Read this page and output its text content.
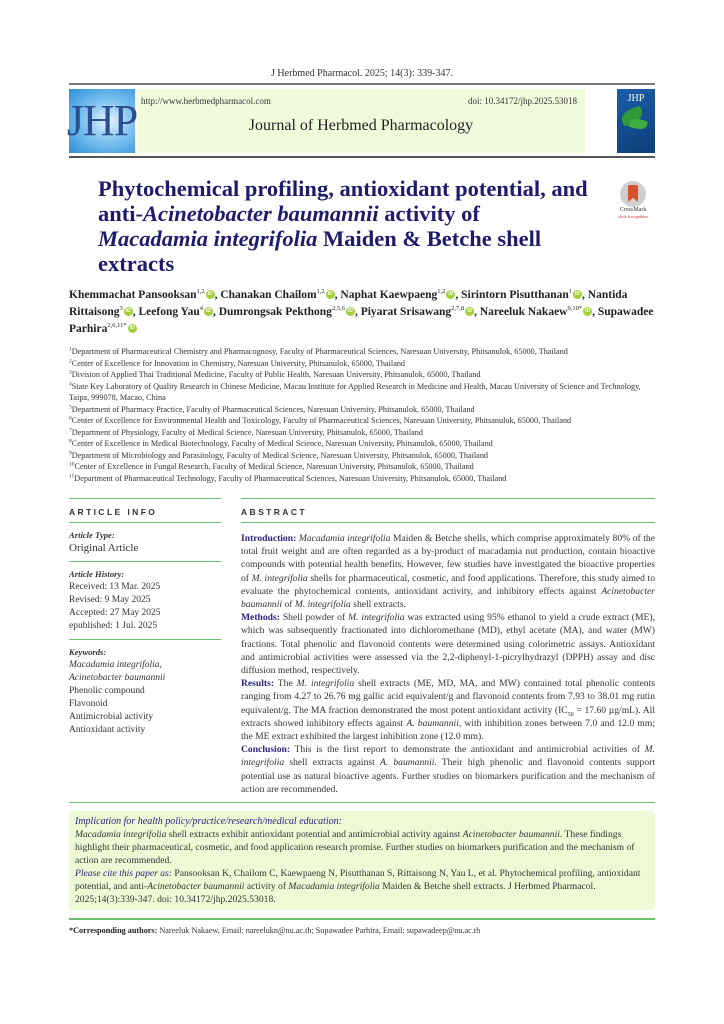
J Herbmed Pharmacol. 2025; 14(3): 339-347.
JHP http://www.herbmedpharmacol.com	doi: 10.34172/jhp.2025.53018
Journal of Herbmed Pharmacology
JHP
Phytochemical profiling, antioxidant potential, and anti-Acinetobacter baumannii activity of Macadamia integrifolia Maiden & Betche shell extracts
CrossMark
click for updates
Khemmachat Pansooksan$^{1,2}$ iD , Chanakan Chailom$^{1,2}$ iD , Naphat Kaewpaeng$^{1,2}$ iD , Sirintorn Pisutthanan$^1$ iD , Nantida Rittaisong$^3$ iD , Leefong Yau$^4$ iD , Dumrongsak Pekthong$^{2,5,6}$ iD , Piyarat Srisawang$^{2,7,8}$ iD , Nareeluk Nakaew$^{9,10*}$ iD , Supawadee Parhira$^{2,6,11*}$ iD
$^1$Department of Pharmaceutical Chemistry and Pharmacognosy, Faculty of Pharmaceutical Sciences, Naresuan University, Phitsanulok, 65000, Thailand
$^2$Center of Excellence for Innovation in Chemistry, Naresuan University, Phitsanulok, 65000, Thailand
$^3$Division of Applied Thai Traditional Medicine, Faculty of Public Health, Naresuan University, Phitsanulok, 65000, Thailand
$^4$State Key Laboratory of Quality Research in Chinese Medicine, Macau Institute for Applied Research in Medicine and Health, Macau University of Science and Technology, Taipa, 999078, Macao, China
$^5$Department of Pharmacy Practice, Faculty of Pharmaceutical Sciences, Naresuan University, Phitsanulok, 65000, Thailand
$^6$Center of Excellence for Environmental Health and Toxicology, Faculty of Pharmaceutical Sciences, Naresuan University, Phitsanulok, 65000, Thailand
$^7$Department of Physiology, Faculty of Medical Science, Naresuan University, Phitsanulok, 65000, Thailand
$^8$Center of Excellence in Medical Biotechnology, Faculty of Medical Science, Naresuan University, Phitsanulok, 65000, Thailand
$^9$Department of Microbiology and Parasitology, Faculty of Medical Science, Naresuan University, Phitsanulok, 65000, Thailand
$^{10}$Center of Excellence in Fungal Research, Faculty of Medical Science, Naresuan University, Phitsanulok, 65000, Thailand
$^{11}$Department of Pharmaceutical Technology, Faculty of Pharmaceutical Sciences, Naresuan University, Phitsanulok, 65000, Thailand
ARTICLE INFO
Article Type:
Original Article
Article History:
Received: 13 Mar. 2025
Revised: 9 May 2025
Accepted: 27 May 2025
epublished: 1 Jul. 2025
Keywords:
Macadamia integrifolia,
Acinetobacter baumannii
Phenolic compound
Flavonoid
Antimicrobial activity
Antioxidant activity
ABSTRACT

Introduction: Macadamia integrifolia Maiden & Betche shells, which comprise approximately 80% of the total fruit weight and are often regarded as a by-product of macadamia nut production, contain bioactive compounds with potential health benefits. However, few studies have investigated the bioactive properties of M. integrifolia shells for pharmaceutical, cosmetic, and food applications. Therefore, this study aimed to evaluate the phytochemical contents, antioxidant activity, and inhibitory effects against Acinetobacter baumannii of M. integrifolia shell extracts.

Methods: Shell powder of M. integrifolia was extracted using 95% ethanol to yield a crude extract (ME), which was subsequently fractionated into dichloromethane (MD), ethyl acetate (MA), and water (MW) fractions. Total phenolic and flavonoid contents were determined using colorimetric assays. Antioxidant and antimicrobial activities were assessed via the 2,2-diphenyl-1-picrylhydrazyl (DPPH) assay and disc diffusion method, respectively.

Results: The M. integrifolia shell extracts (ME, MD, MA, and MW) contained total phenolic contents ranging from 4.27 to 26.76 mg gallic acid equivalent/g and flavonoid contents from 7.93 to 38.01 mg rutin equivalent/g. The MA fraction demonstrated the most potent antioxidant activity ($IC_{50} = 17.60$ µg/mL). All extracts showed inhibitory effects against A. baumannii, with inhibition zones between 7.0 and 12.0 mm; the ME extract exhibited the largest inhibition zone (12.0 mm).

Conclusion: This is the first report to demonstrate the antioxidant and antimicrobial activities of M. integrifolia shell extracts against A. baumannii. Their high phenolic and flavonoid contents support potential use as natural bioactive agents. Further studies on biomarkers purification and the mechanism of action are recommended.

Implication for health policy/practice/research/medical education:
Macadamia integrifolia shell extracts exhibit antioxidant potential and antimicrobial activity against Acinetobacter baumannii. These findings highlight their pharmaceutical, cosmetic, and food application research promise. Further studies on biomarkers purification and the mechanism of action are recommended.
Please cite this paper as: Pansooksan K, Chailom C, Kaewpaeng N, Pisutthanan S, Rittaisong N, Yau L, et al. Phytochemical profiling, antioxidant potential, and anti-Acinetobacter baumannii activity of Macadamia integrifolia Maiden & Betche shell extracts. J Herbmed Pharmacol. 2025;14(3):339-347. doi: 10.34172/jhp.2025.53018.
*Corresponding authors: Nareeluk Nakaew, Email: nareelukn@nu.ac.th; Supawadee Parhira, Email: supawadeep@nu.ac.th
